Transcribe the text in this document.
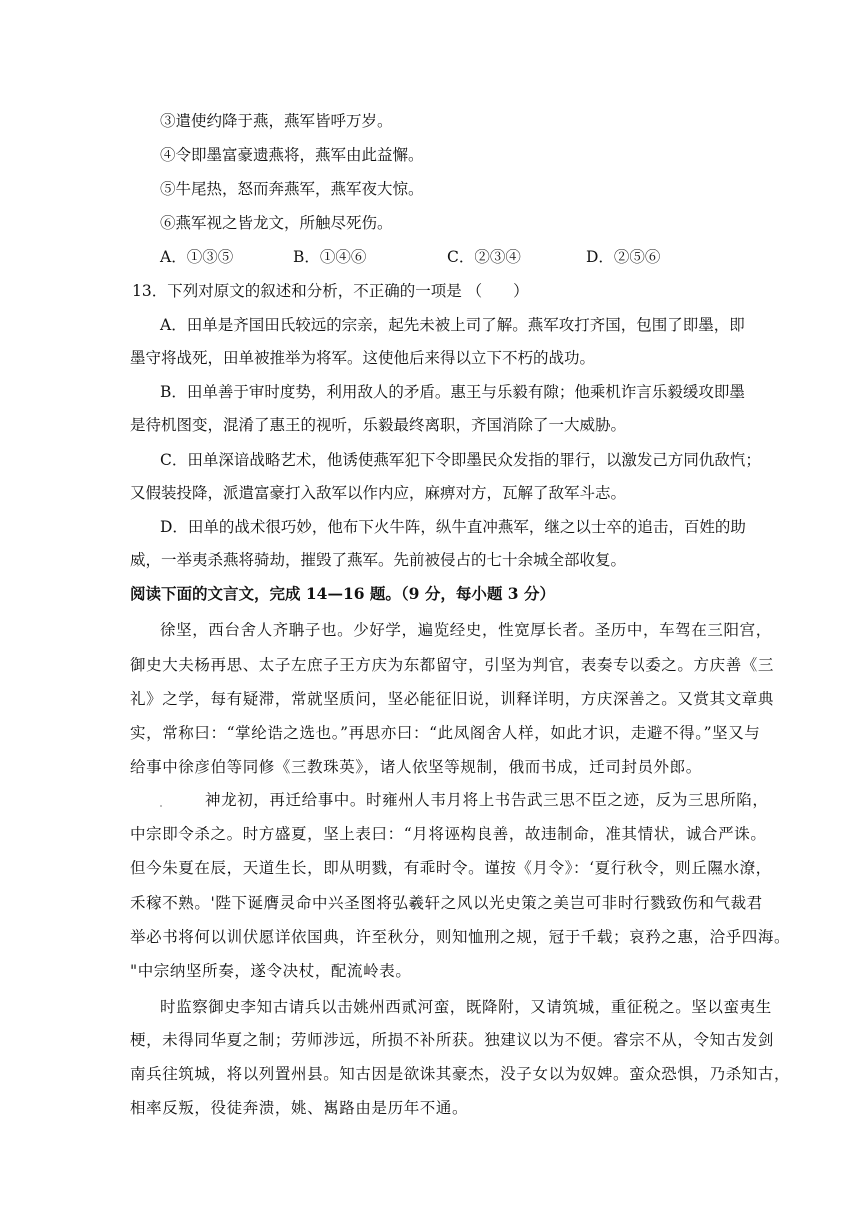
③遣使约降于燕，燕军皆呼万岁。
④令即墨富豪遗燕将，燕军由此益懈。
⑤牛尾热，怒而奔燕军，燕军夜大惊。
⑥燕军视之皆龙文，所触尽死伤。
A．①③⑤	B．①④⑥	C．②③④	D．②⑤⑥
13．下列对原文的叙述和分析，不正确的一项是 （　　）
A．田单是齐国田氏较远的宗亲，起先未被上司了解。燕军攻打齐国，包围了即墨，即
墨守将战死，田单被推举为将军。这使他后来得以立下不朽的战功。
B．田单善于审时度势，利用敌人的矛盾。惠王与乐毅有隙；他乘机诈言乐毅缓攻即墨
是待机图变，混淆了惠王的视听，乐毅最终离职，齐国消除了一大威胁。
C．田单深谙战略艺术，他诱使燕军犯下令即墨民众发指的罪行，以激发己方同仇敌忾；
又假装投降，派遣富豪打入敌军以作内应，麻痹对方，瓦解了敌军斗志。
D．田单的战术很巧妙，他布下火牛阵，纵牛直冲燕军，继之以士卒的追击，百姓的助
威，一举夷杀燕将骑劫，摧毁了燕军。先前被侵占的七十余城全部收复。
阅读下面的文言文，完成 14—16 题。（9 分，每小题 3 分）
徐坚，西台舍人齐聃子也。少好学，遍览经史，性宽厚长者。圣历中，车驾在三阳宫，
御史大夫杨再思、太子左庶子王方庆为东都留守，引坚为判官，表奏专以委之。方庆善《三
礼》之学，每有疑滞，常就坚质问，坚必能征旧说，训释详明，方庆深善之。又赏其文章典
实，常称曰：“掌纶诰之选也。”再思亦曰：“此凤阁舍人样，如此才识，走避不得。”坚又与
给事中徐彦伯等同修《三教珠英》，诸人依坚等规制，俄而书成，迁司封员外郎。
神龙初，再迁给事中。时雍州人韦月将上书告武三思不臣之迹，反为三思所陷，
中宗即令杀之。时方盛夏，坚上表曰：“月将诬构良善，故违制命，准其情状，诚合严诛。
但今朱夏在辰，天道生长，即从明戮，有乖时令。谨按《月令》：‘夏行秋令，则丘隰水潦，
禾稼不熟。'陛下诞膺灵命中兴圣图将弘羲轩之风以光史策之美岂可非时行戮致伤和气裁君
举必书将何以训伏愿详依国典，许至秋分，则知恤刑之规，冠于千载；哀矜之惠，洽乎四海。
"中宗纳坚所奏，遂令决杖，配流岭表。
时监察御史李知古请兵以击姚州西贰河蛮，既降附，又请筑城，重征税之。坚以蛮夷生
梗，未得同华夏之制；劳师涉远，所损不补所获。独建议以为不便。睿宗不从，令知古发剑
南兵往筑城，将以列置州县。知古因是欲诛其豪杰，没子女以为奴婢。蛮众恐惧，乃杀知古，
相率反叛，役徒奔溃，姚、嶲路由是历年不通。
